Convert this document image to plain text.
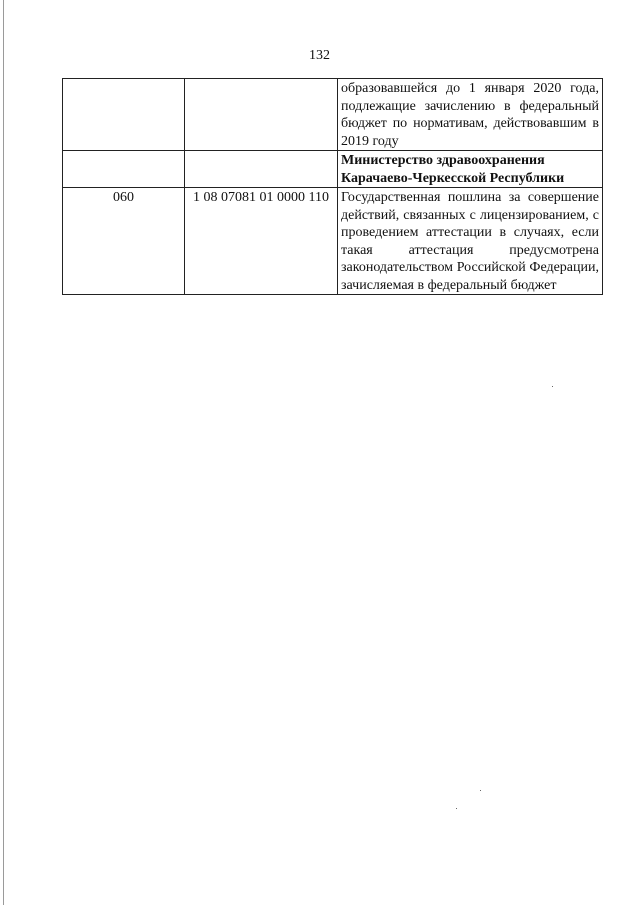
132
		образовавшейся до 1 января 2020 года, подлежащие зачислению в федеральный бюджет по нормативам, действовавшим в 2019 году
		Министерство здравоохранения Карачаево-Черкесской Республики
060	1 08 07081 01 0000 110	Государственная пошлина за совершение действий, связанных с лицензированием, с проведением аттестации в случаях, если такая аттестация предусмотрена законодательством Российской Федерации, зачисляемая в федеральный бюджет
